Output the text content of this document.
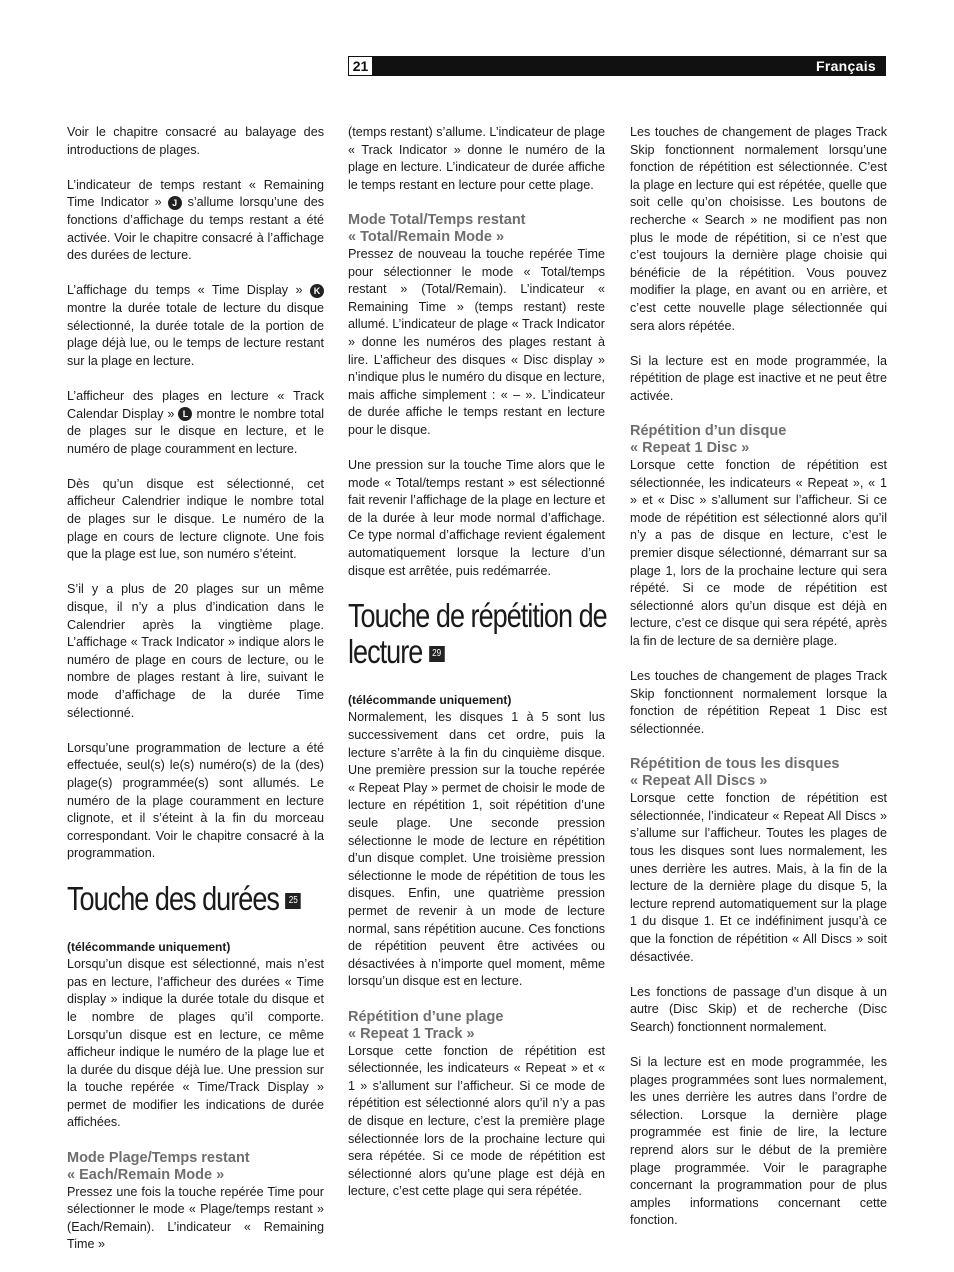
21	Français

Voir le chapitre consacré au balayage des introductions de plages.

L’indicateur de temps restant « Remaining Time Indicator » J s’allume lorsqu’une des fonctions d’affichage du temps restant a été activée. Voir le chapitre consacré à l’affichage des durées de lecture.

L’affichage du temps « Time Display » K montre la durée totale de lecture du disque sélectionné, la durée totale de la portion de plage déjà lue, ou le temps de lecture restant sur la plage en lecture.

L’afficheur des plages en lecture « Track Calendar Display » L montre le nombre total de plages sur le disque en lecture, et le numéro de plage couramment en lecture.

Dès qu’un disque est sélectionné, cet afficheur Calendrier indique le nombre total de plages sur le disque. Le numéro de la plage en cours de lecture clignote. Une fois que la plage est lue, son numéro s’éteint.

S’il y a plus de 20 plages sur un même disque, il n’y a plus d’indication dans le Calendrier après la vingtième plage. L’affichage « Track Indicator » indique alors le numéro de plage en cours de lecture, ou le nombre de plages restant à lire, suivant le mode d’affichage de la durée Time sélectionné.

Lorsqu’une programmation de lecture a été effectuée, seul(s) le(s) numéro(s) de la (des) plage(s) programmée(s) sont allumés. Le numéro de la plage couramment en lecture clignote, et il s’éteint à la fin du morceau correspondant. Voir le chapitre consacré à la programmation.

Touche des durées 25

(télécommande uniquement)

Lorsqu’un disque est sélectionné, mais n’est pas en lecture, l’afficheur des durées « Time display » indique la durée totale du disque et le nombre de plages qu’il comporte. Lorsqu’un disque est en lecture, ce même afficheur indique le numéro de la plage lue et la durée du disque déjà lue. Une pression sur la touche repérée « Time/Track Display » permet de modifier les indications de durée affichées.

Mode Plage/Temps restant
« Each/Remain Mode »

Pressez une fois la touche repérée Time pour sélectionner le mode « Plage/temps restant » (Each/Remain). L’indicateur « Remaining Time »

(temps restant) s’allume. L’indicateur de plage « Track Indicator » donne le numéro de la plage en lecture. L’indicateur de durée affiche le temps restant en lecture pour cette plage.

Mode Total/Temps restant
« Total/Remain Mode »

Pressez de nouveau la touche repérée Time pour sélectionner le mode « Total/temps restant » (Total/Remain). L’indicateur « Remaining Time » (temps restant) reste allumé. L’indicateur de plage « Track Indicator » donne les numéros des plages restant à lire. L’afficheur des disques « Disc display » n’indique plus le numéro du disque en lecture, mais affiche simplement : « – ». L’indicateur de durée affiche le temps restant en lecture pour le disque.

Une pression sur la touche Time alors que le mode « Total/temps restant » est sélectionné fait revenir l’affichage de la plage en lecture et de la durée à leur mode normal d’affichage. Ce type normal d’affichage revient également automatiquement lorsque la lecture d’un disque est arrêtée, puis redémarrée.

Touche de répétition de
lecture 29

(télécommande uniquement)

Normalement, les disques 1 à 5 sont lus successivement dans cet ordre, puis la lecture s’arrête à la fin du cinquième disque. Une première pression sur la touche repérée « Repeat Play » permet de choisir le mode de lecture en répétition 1, soit répétition d’une seule plage. Une seconde pression sélectionne le mode de lecture en répétition d’un disque complet. Une troisième pression sélectionne le mode de répétition de tous les disques. Enfin, une quatrième pression permet de revenir à un mode de lecture normal, sans répétition aucune. Ces fonctions de répétition peuvent être activées ou désactivées à n’importe quel moment, même lorsqu’un disque est en lecture.

Répétition d’une plage
« Repeat 1 Track »

Lorsque cette fonction de répétition est sélectionnée, les indicateurs « Repeat » et « 1 » s’allument sur l’afficheur. Si ce mode de répétition est sélectionné alors qu’il n’y a pas de disque en lecture, c’est la première plage sélectionnée lors de la prochaine lecture qui sera répétée. Si ce mode de répétition est sélectionné alors qu’une plage est déjà en lecture, c’est cette plage qui sera répétée.

Les touches de changement de plages Track Skip fonctionnent normalement lorsqu’une fonction de répétition est sélectionnée. C’est la plage en lecture qui est répétée, quelle que soit celle qu’on choisisse. Les boutons de recherche « Search » ne modifient pas non plus le mode de répétition, si ce n’est que c’est toujours la dernière plage choisie qui bénéficie de la répétition. Vous pouvez modifier la plage, en avant ou en arrière, et c’est cette nouvelle plage sélectionnée qui sera alors répétée.

Si la lecture est en mode programmée, la répétition de plage est inactive et ne peut être activée.

Répétition d’un disque
« Repeat 1 Disc »

Lorsque cette fonction de répétition est sélectionnée, les indicateurs « Repeat », « 1 » et « Disc » s’allument sur l’afficheur. Si ce mode de répétition est sélectionné alors qu’il n’y a pas de disque en lecture, c’est le premier disque sélectionné, démarrant sur sa plage 1, lors de la prochaine lecture qui sera répété. Si ce mode de répétition est sélectionné alors qu’un disque est déjà en lecture, c’est ce disque qui sera répété, après la fin de lecture de sa dernière plage.

Les touches de changement de plages Track Skip fonctionnent normalement lorsque la fonction de répétition Repeat 1 Disc est sélectionnée.

Répétition de tous les disques
« Repeat All Discs »

Lorsque cette fonction de répétition est sélectionnée, l’indicateur « Repeat All Discs » s’allume sur l’afficheur. Toutes les plages de tous les disques sont lues normalement, les unes derrière les autres. Mais, à la fin de la lecture de la dernière plage du disque 5, la lecture reprend automatiquement sur la plage 1 du disque 1. Et ce indéfiniment jusqu’à ce que la fonction de répétition « All Discs » soit désactivée.

Les fonctions de passage d’un disque à un autre (Disc Skip) et de recherche (Disc Search) fonctionnent normalement.

Si la lecture est en mode programmée, les plages programmées sont lues normalement, les unes derrière les autres dans l’ordre de sélection. Lorsque la dernière plage programmée est finie de lire, la lecture reprend alors sur le début de la première plage programmée. Voir le paragraphe concernant la programmation pour de plus amples informations concernant cette fonction.
